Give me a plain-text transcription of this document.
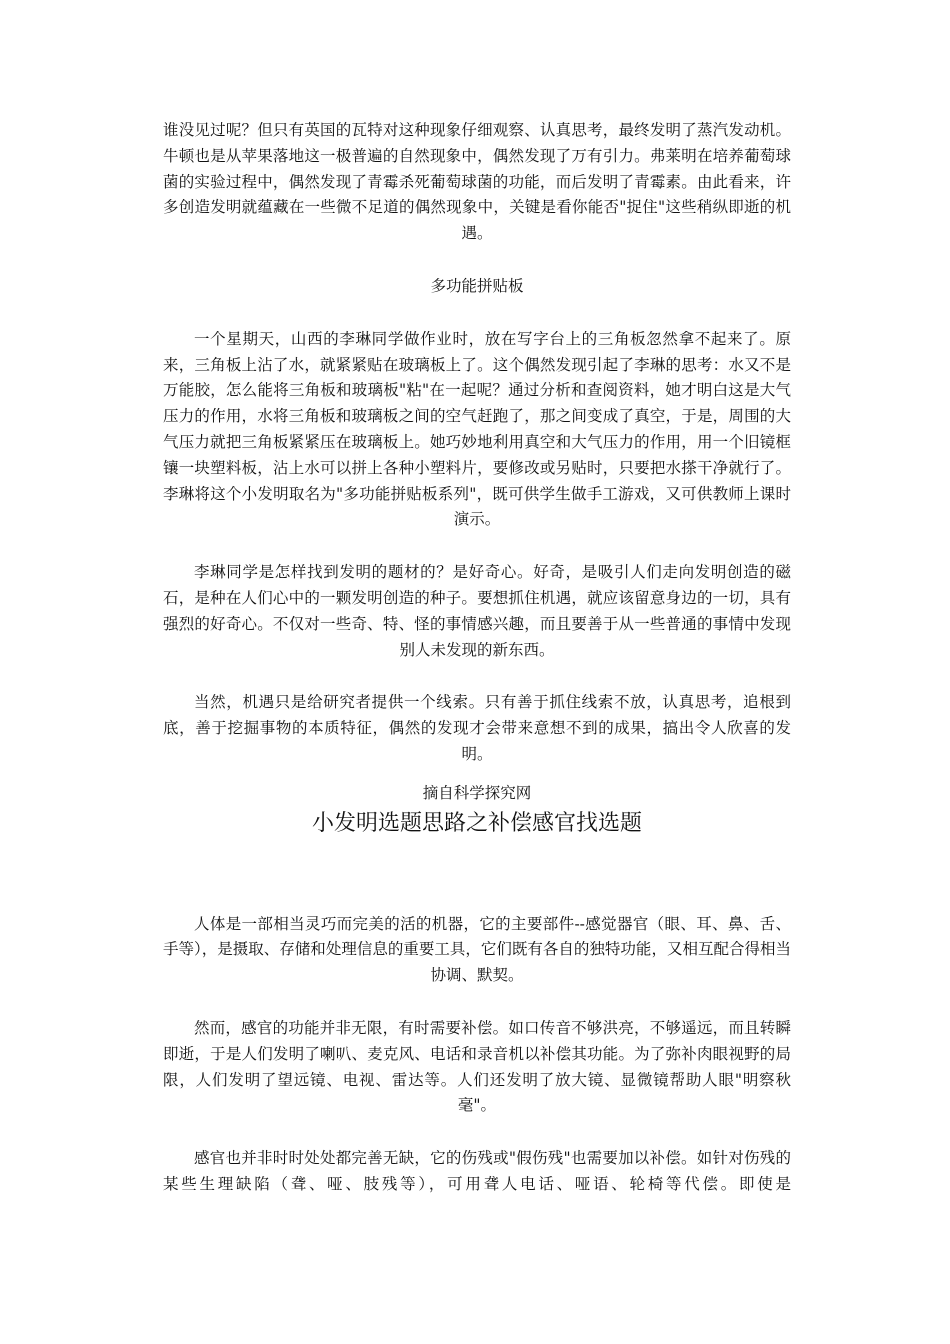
谁没见过呢？但只有英国的瓦特对这种现象仔细观察、认真思考，最终发明了蒸汽发动机。牛顿也是从苹果落地这一极普遍的自然现象中，偶然发现了万有引力。弗莱明在培养葡萄球菌的实验过程中，偶然发现了青霉杀死葡萄球菌的功能，而后发明了青霉素。由此看来，许多创造发明就蕴藏在一些微不足道的偶然现象中，关键是看你能否"捉住"这些稍纵即逝的机遇。

多功能拼贴板

一个星期天，山西的李琳同学做作业时，放在写字台上的三角板忽然拿不起来了。原来，三角板上沾了水，就紧紧贴在玻璃板上了。这个偶然发现引起了李琳的思考：水又不是万能胶，怎么能将三角板和玻璃板"粘"在一起呢？通过分析和查阅资料，她才明白这是大气压力的作用，水将三角板和玻璃板之间的空气赶跑了，那之间变成了真空，于是，周围的大气压力就把三角板紧紧压在玻璃板上。她巧妙地利用真空和大气压力的作用，用一个旧镜框镶一块塑料板，沾上水可以拼上各种小塑料片，要修改或另贴时，只要把水搽干净就行了。李琳将这个小发明取名为"多功能拼贴板系列"，既可供学生做手工游戏，又可供教师上课时演示。

李琳同学是怎样找到发明的题材的？是好奇心。好奇，是吸引人们走向发明创造的磁石，是种在人们心中的一颗发明创造的种子。要想抓住机遇，就应该留意身边的一切，具有强烈的好奇心。不仅对一些奇、特、怪的事情感兴趣，而且要善于从一些普通的事情中发现别人未发现的新东西。

当然，机遇只是给研究者提供一个线索。只有善于抓住线索不放，认真思考，追根到底，善于挖掘事物的本质特征，偶然的发现才会带来意想不到的成果，搞出令人欣喜的发明。

摘自科学探究网

小发明选题思路之补偿感官找选题

人体是一部相当灵巧而完美的活的机器，它的主要部件--感觉器官（眼、耳、鼻、舌、手等），是摄取、存储和处理信息的重要工具，它们既有各自的独特功能，又相互配合得相当协调、默契。

然而，感官的功能并非无限，有时需要补偿。如口传音不够洪亮，不够遥远，而且转瞬即逝，于是人们发明了喇叭、麦克风、电话和录音机以补偿其功能。为了弥补肉眼视野的局限，人们发明了望远镜、电视、雷达等。人们还发明了放大镜、显微镜帮助人眼"明察秋毫"。

感官也并非时时处处都完善无缺，它的伤残或"假伤残"也需要加以补偿。如针对伤残的某些生理缺陷（聋、哑、肢残等），可用聋人电话、哑语、轮椅等代偿。即使是
